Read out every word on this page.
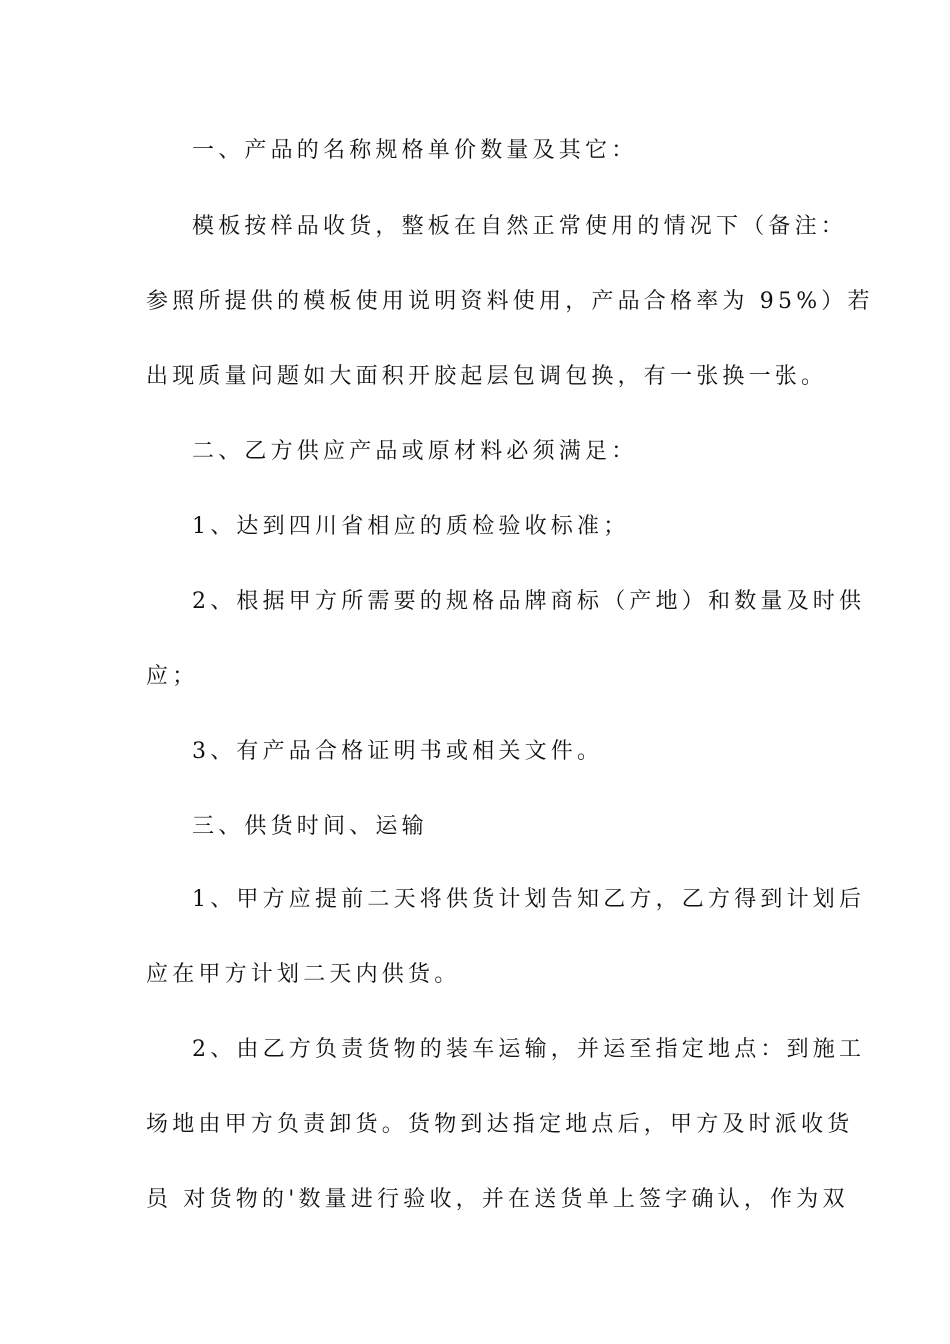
一、产品的名称规格单价数量及其它：
模板按样品收货，整板在自然正常使用的情况下（备注：
参照所提供的模板使用说明资料使用，产品合格率为 95%）若
出现质量问题如大面积开胶起层包调包换，有一张换一张。
二、乙方供应产品或原材料必须满足：
1、达到四川省相应的质检验收标准；
2、根据甲方所需要的规格品牌商标（产地）和数量及时供
应；
3、有产品合格证明书或相关文件。
三、供货时间、运输
1、甲方应提前二天将供货计划告知乙方，乙方得到计划后
应在甲方计划二天内供货。
2、由乙方负责货物的装车运输，并运至指定地点：到施工
场地由甲方负责卸货。货物到达指定地点后，甲方及时派收货
员 对货物的'数量进行验收，并在送货单上签字确认，作为双
